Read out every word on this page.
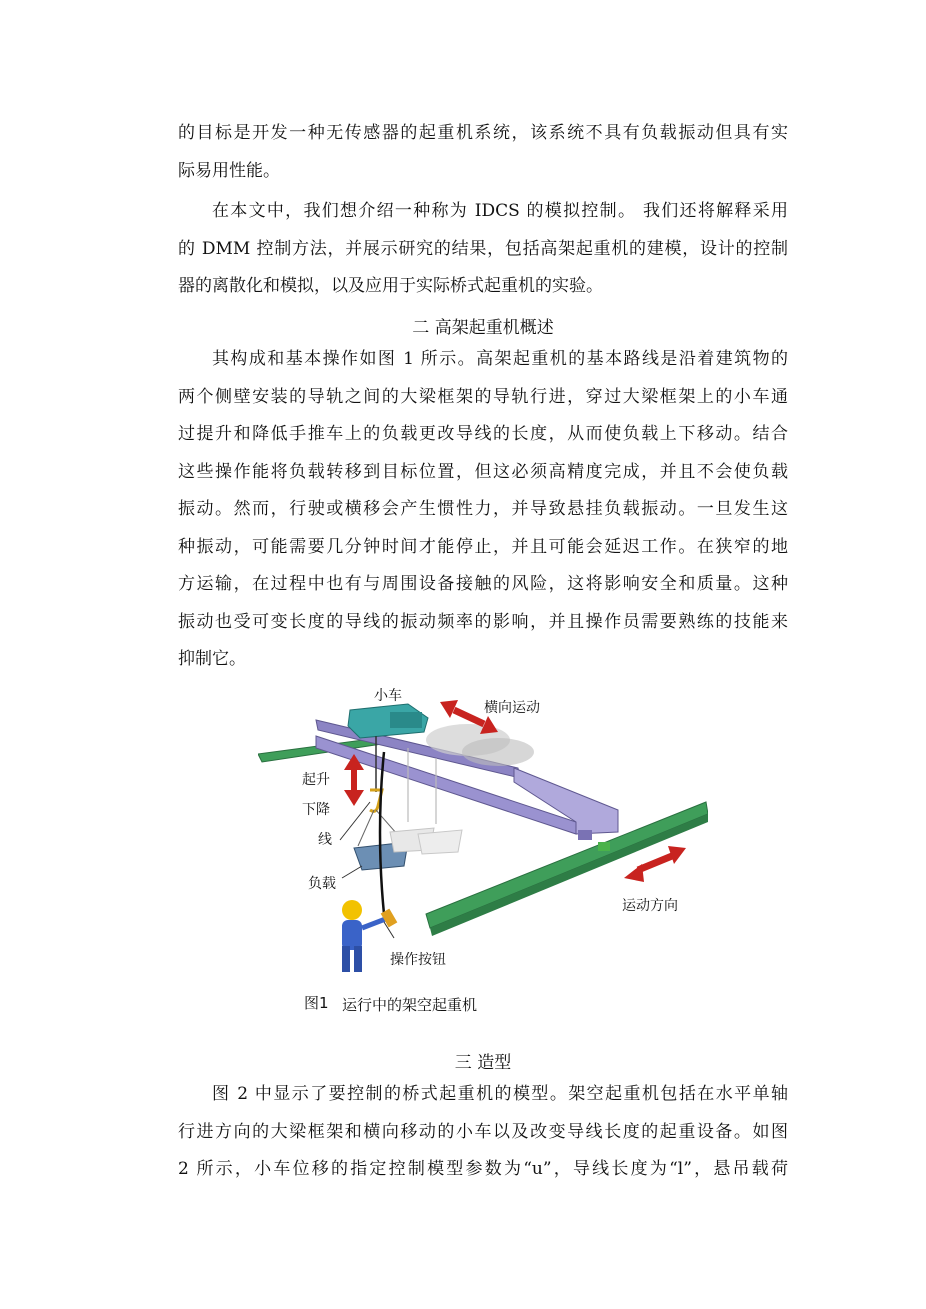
的目标是开发一种无传感器的起重机系统，该系统不具有负载振动但具有实
际易用性能。
在本文中，我们想介绍一种称为 IDCS 的模拟控制。 我们还将解释采用
的 DMM 控制方法，并展示研究的结果，包括高架起重机的建模，设计的控制
器的离散化和模拟，以及应用于实际桥式起重机的实验。
二 高架起重机概述
其构成和基本操作如图 1 所示。高架起重机的基本路线是沿着建筑物的
两个侧壁安装的导轨之间的大梁框架的导轨行进，穿过大梁框架上的小车通
过提升和降低手推车上的负载更改导线的长度，从而使负载上下移动。结合
这些操作能将负载转移到目标位置，但这必须高精度完成，并且不会使负载
振动。然而，行驶或横移会产生惯性力，并导致悬挂负载振动。一旦发生这
种振动，可能需要几分钟时间才能停止，并且可能会延迟工作。在狭窄的地
方运输，在过程中也有与周围设备接触的风险，这将影响安全和质量。这种
振动也受可变长度的导线的振动频率的影响，并且操作员需要熟练的技能来
抑制它。
小车
横向运动
起升
下降
线
负载
运动方向
操作按钮
图1 运行中的架空起重机
三 造型
图 2 中显示了要控制的桥式起重机的模型。架空起重机包括在水平单轴
行进方向的大梁框架和横向移动的小车以及改变导线长度的起重设备。如图
2 所示，小车位移的指定控制模型参数为“u”，导线长度为“l”，悬吊载荷
